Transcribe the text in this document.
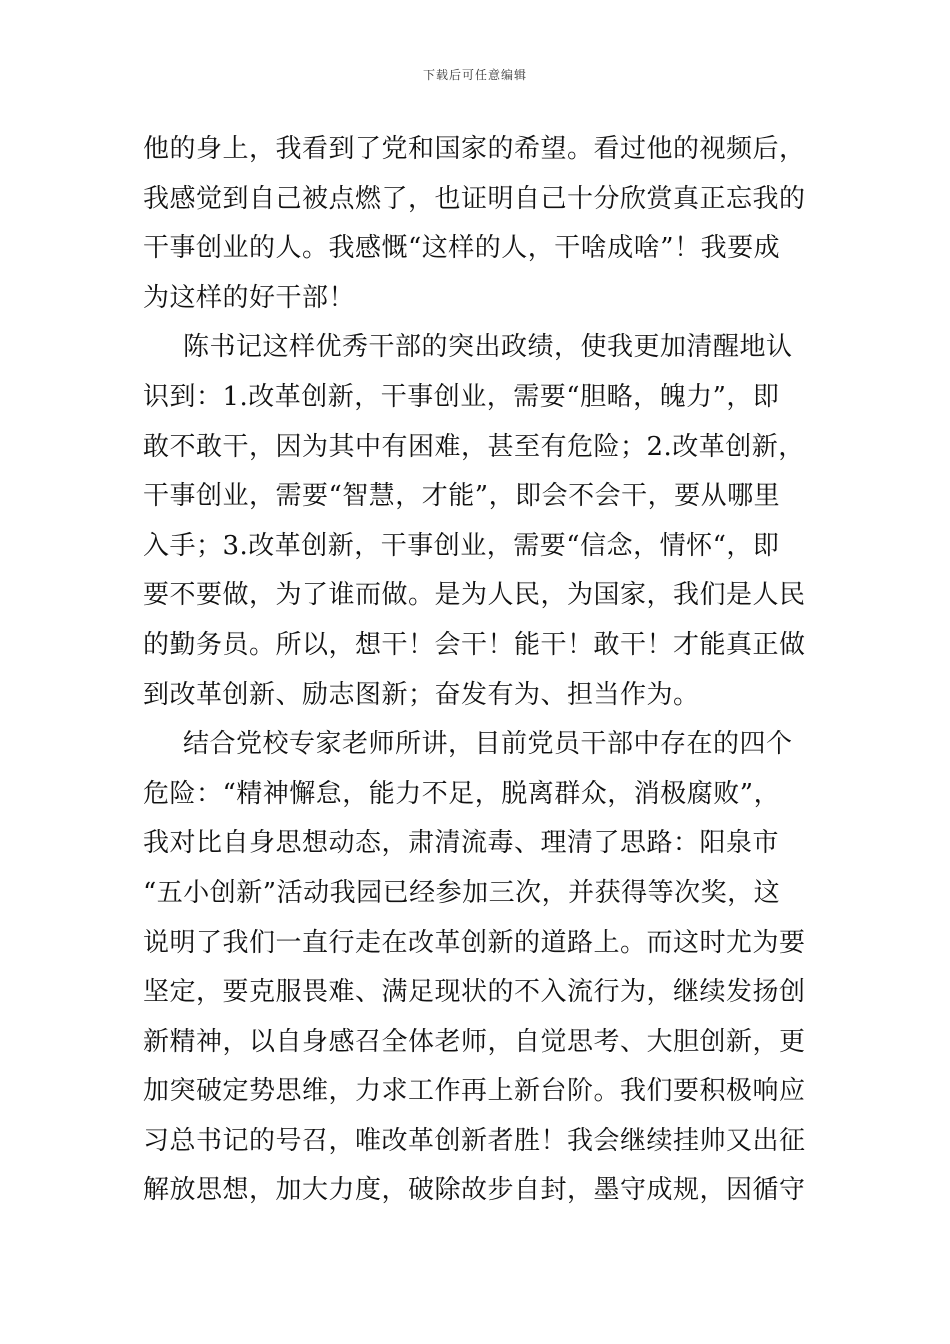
下载后可任意编辑
他的身上，我看到了党和国家的希望。看过他的视频后，
我感觉到自己被点燃了，也证明自己十分欣赏真正忘我的
干事创业的人。我感慨“这样的人，干啥成啥”！我要成
为这样的好干部！
陈书记这样优秀干部的突出政绩，使我更加清醒地认
识到：1.改革创新，干事创业，需要“胆略，魄力”，即
敢不敢干，因为其中有困难，甚至有危险；2.改革创新，
干事创业，需要“智慧，才能”，即会不会干，要从哪里
入手；3.改革创新，干事创业，需要“信念，情怀“，即
要不要做，为了谁而做。是为人民，为国家，我们是人民
的勤务员。所以，想干！会干！能干！敢干！才能真正做
到改革创新、励志图新；奋发有为、担当作为。
结合党校专家老师所讲，目前党员干部中存在的四个
危险：“精神懈怠，能力不足，脱离群众，消极腐败”，
我对比自身思想动态，肃清流毒、理清了思路：阳泉市
“五小创新”活动我园已经参加三次，并获得等次奖，这
说明了我们一直行走在改革创新的道路上。而这时尤为要
坚定，要克服畏难、满足现状的不入流行为，继续发扬创
新精神，以自身感召全体老师，自觉思考、大胆创新，更
加突破定势思维，力求工作再上新台阶。我们要积极响应
习总书记的号召，唯改革创新者胜！我会继续挂帅又出征
解放思想，加大力度，破除故步自封，墨守成规，因循守
